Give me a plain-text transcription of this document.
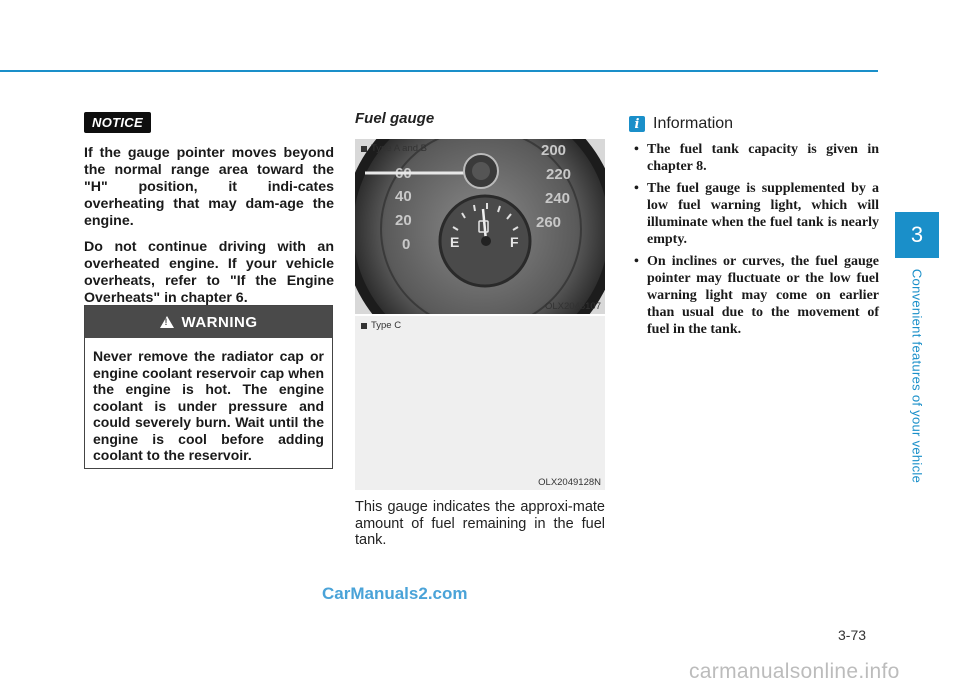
NOTICE

If the gauge pointer moves beyond the normal range area toward the "H" position, it indi-cates overheating that may dam-age the engine.

Do not continue driving with an overheated engine. If your vehicle overheats, refer to "If the Engine Overheats" in chapter 6.

!
WARNING
Never remove the radiator cap or engine coolant reservoir cap when the engine is hot. The engine coolant is under pressure and could severely burn. Wait until the engine is cool before adding coolant to the reservoir.
Fuel gauge
60
40
20
0
200
220
240
260
E	F
Type A and B
OLX2048107
Type C
OLX2049128N

This gauge indicates the approxi-mate amount of fuel remaining in the fuel tank.

i Information
• The fuel tank capacity is given in chapter 8.
• The fuel gauge is supplemented by a low fuel warning light, which will illuminate when the fuel tank is nearly empty.
• On inclines or curves, the fuel gauge pointer may fluctuate or the low fuel warning light may come on earlier than usual due to the movement of fuel in the tank.
3
Convenient features of your vehicle
3-73
CarManuals2.com
carmanualsonline.info
